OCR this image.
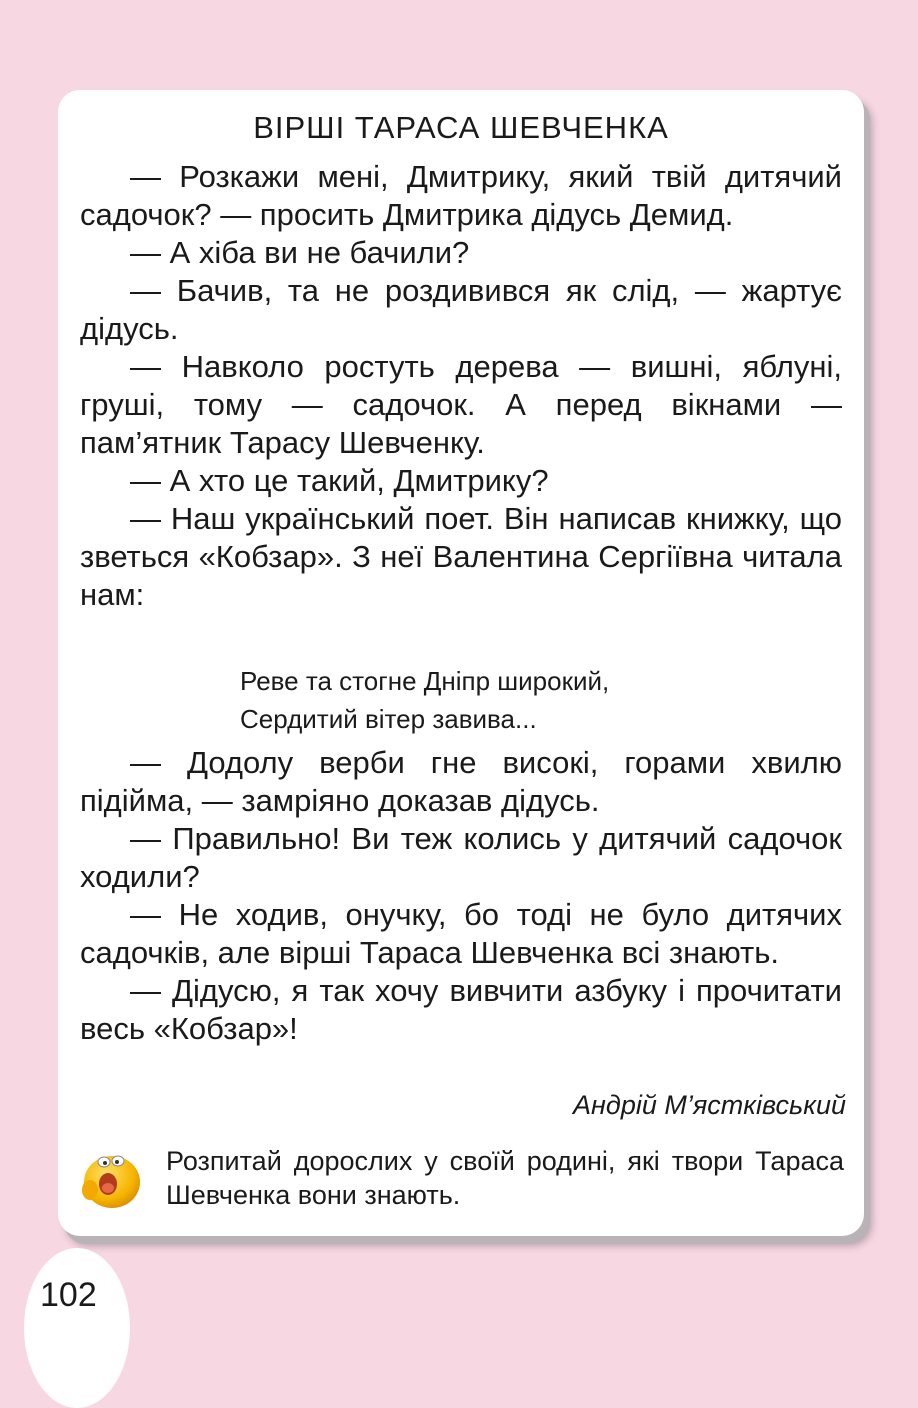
ВІРШІ ТАРАСА ШЕВЧЕНКА

— Розкажи мені, Дмитрику, який твій дитячий садочок? — просить Дмитрика дідусь Демид.

— А хіба ви не бачили?

— Бачив, та не роздивився як слід, — жартує дідусь.

— Навколо ростуть дерева — вишні, яблуні, груші, тому — садочок. А перед вікнами — пам’ятник Тарасу Шевченку.

— А хто це такий, Дмитрику?

— Наш український поет. Він написав книжку, що зветься «Кобзар». З неї Валентина Сергіївна читала нам:

Реве та стогне Дніпр широкий,
Сердитий вітер завива...

— Додолу верби гне високі, горами хвилю підійма, — замріяно доказав дідусь.

— Правильно! Ви теж колись у дитячий садочок ходили?

— Не ходив, онучку, бо тоді не було дитячих садочків, але вірші Тараса Шевченка всі знають.

— Дідусю, я так хочу вивчити азбуку і прочитати весь «Кобзар»!

Андрій М’ястківський
Розпитай дорослих у своїй родині, які твори Тараса Шевченка вони знають.
102
